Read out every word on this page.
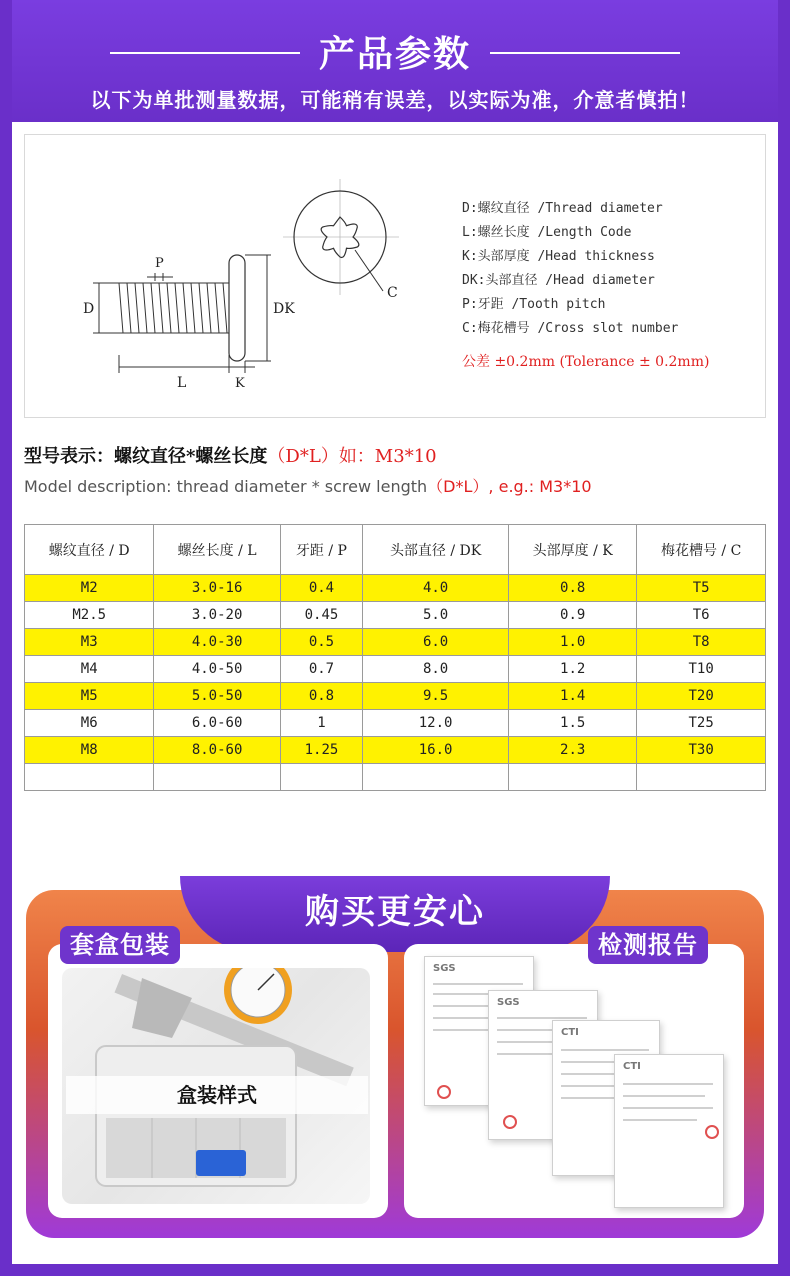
产品参数
以下为单批测量数据，可能稍有误差，以实际为准，介意者慎拍！
P
D	DK
L	K
C
D:螺纹直径 /Thread diameter
L:螺丝长度 /Length Code
K:头部厚度 /Head thickness
DK:头部直径 /Head diameter
P:牙距 /Tooth pitch
C:梅花槽号 /Cross slot number
公差 ±0.2mm (Tolerance ± 0.2mm)
型号表示：螺纹直径*螺丝长度（D*L）如：M3*10
Model description: thread diameter * screw length（D*L）, e.g.: M3*10
螺纹直径 / D	螺丝长度 / L	牙距 / P	头部直径 / DK	头部厚度 / K	梅花槽号 / C
M2	3.0-16	0.4	4.0	0.8	T5
M2.5	3.0-20	0.45	5.0	0.9	T6
M3	4.0-30	0.5	6.0	1.0	T8
M4	4.0-50	0.7	8.0	1.2	T10
M5	5.0-50	0.8	9.5	1.4	T20
M6	6.0-60	1	12.0	1.5	T25
M8	8.0-60	1.25	16.0	2.3	T30

购买更安心
盒装样式
SGS
SGS
CTI
CTI
套盒包装	检测报告
